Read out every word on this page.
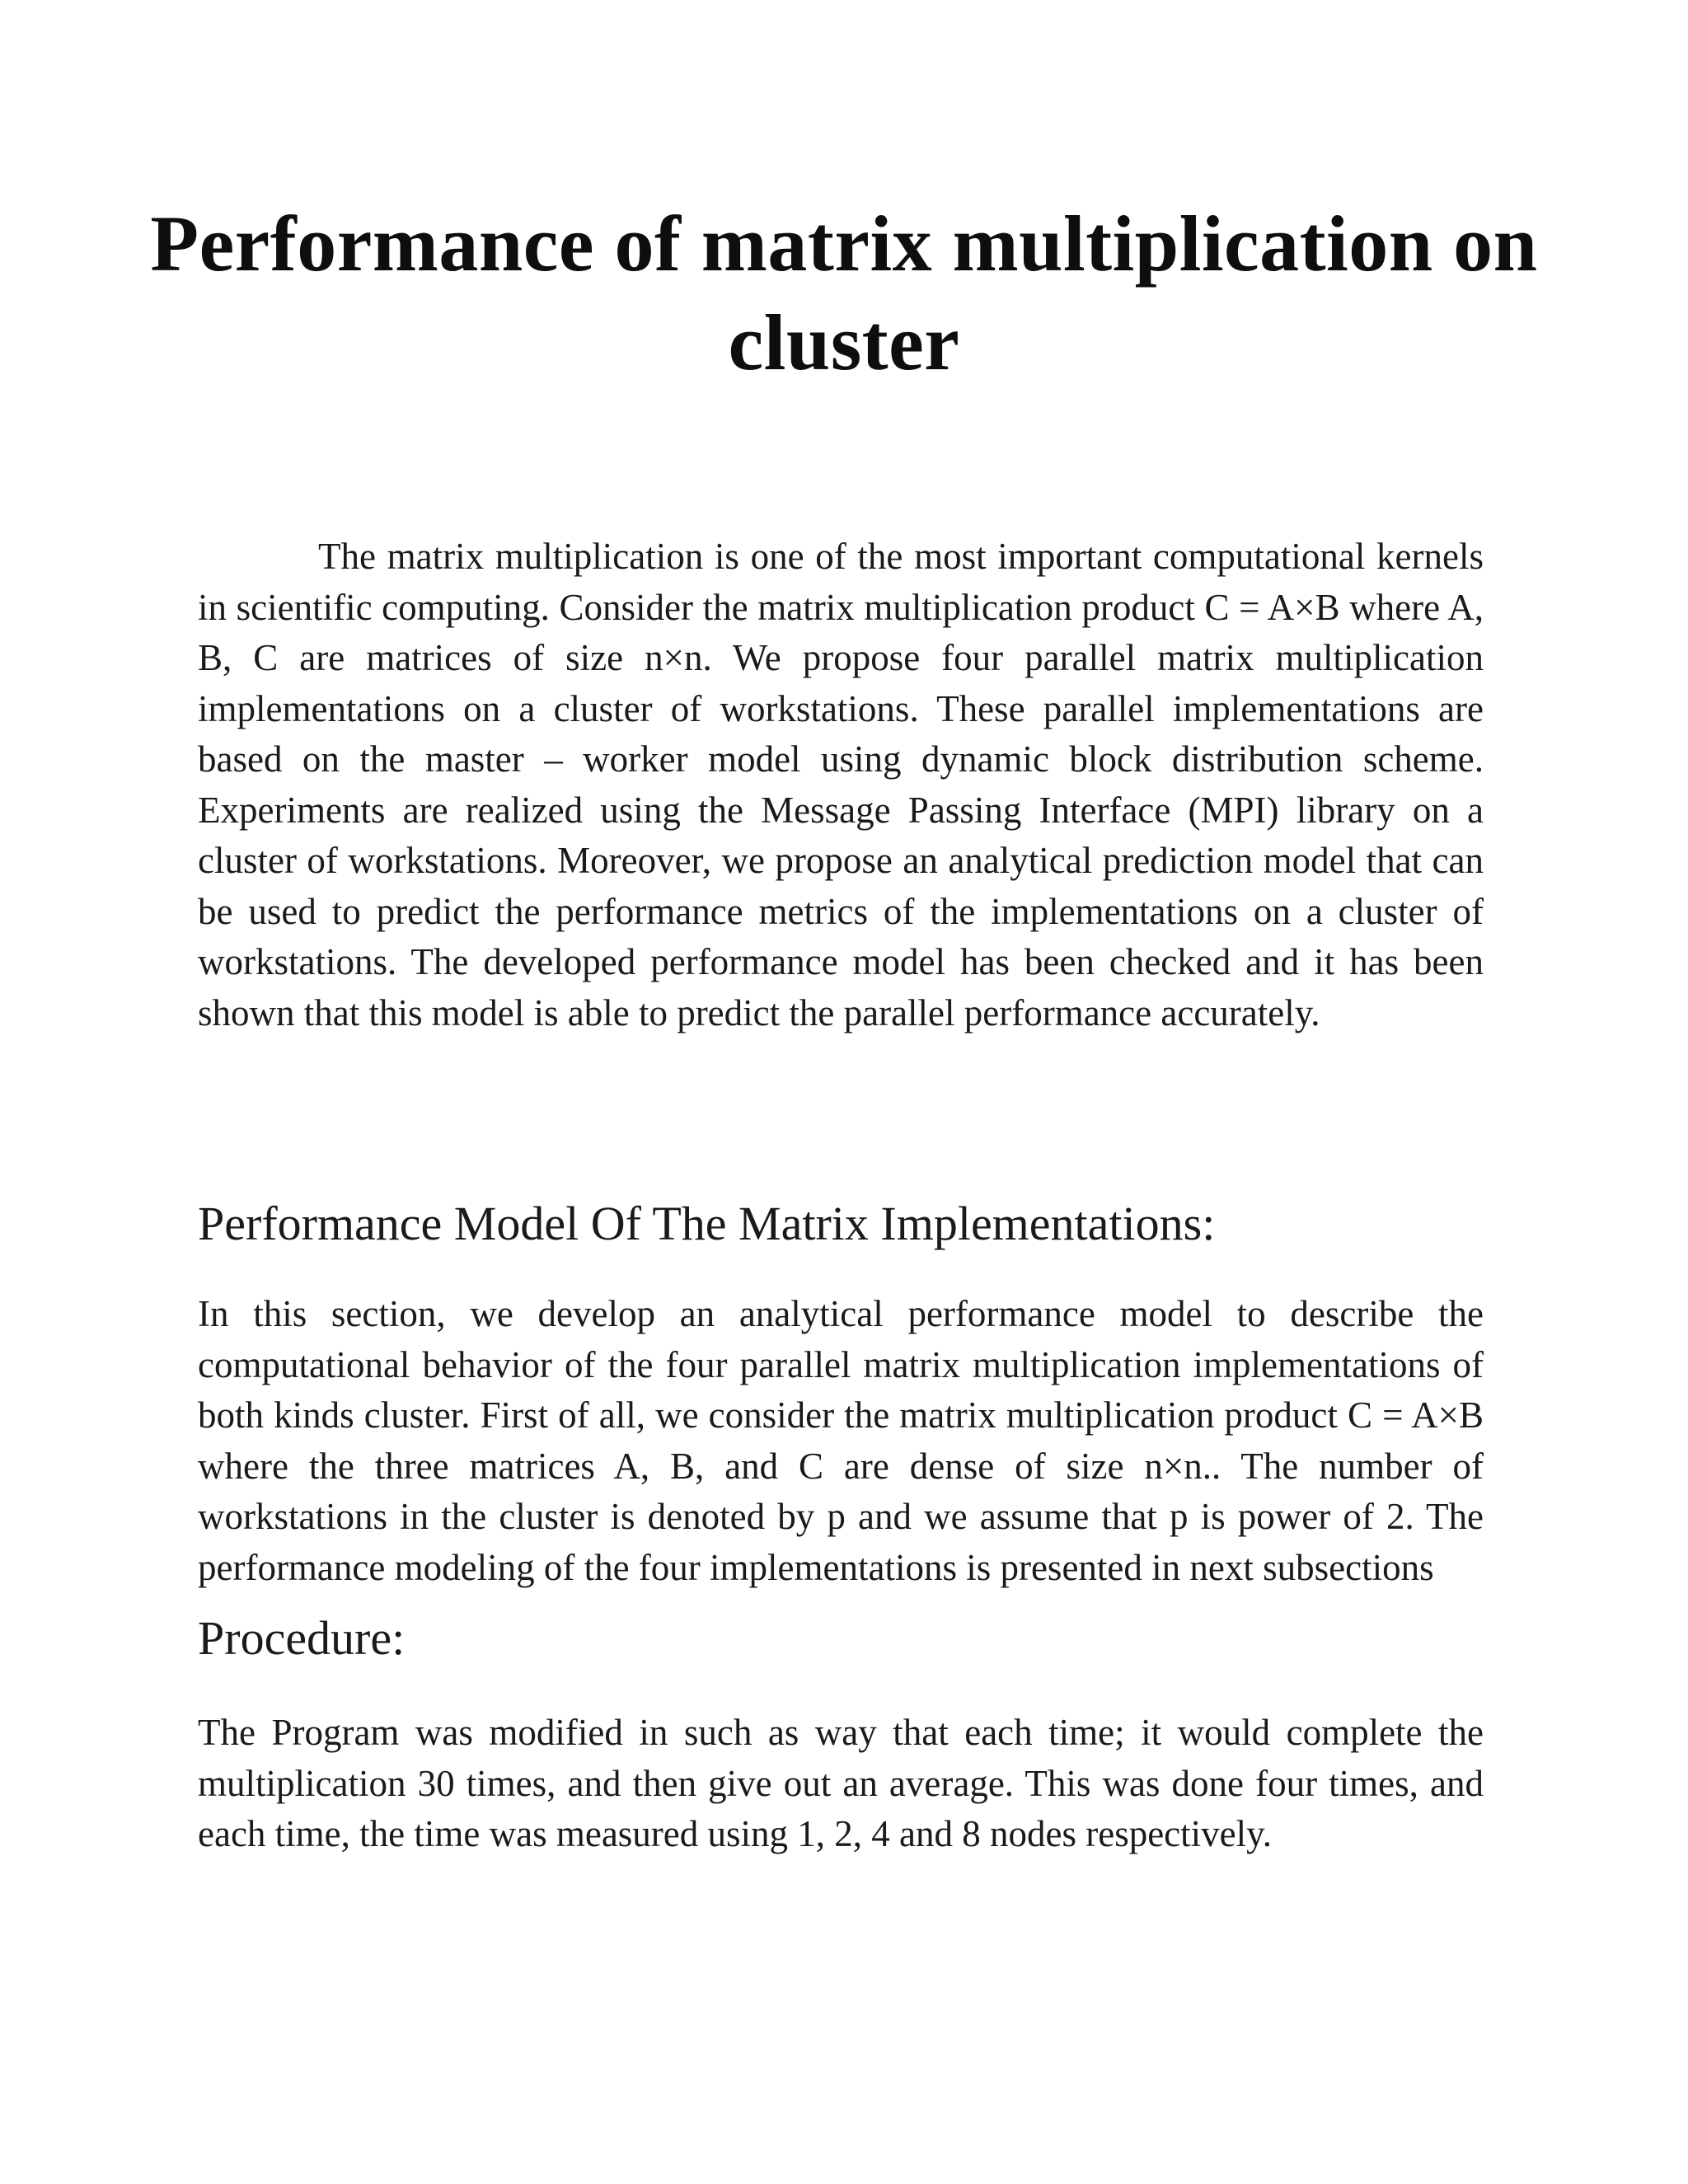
Performance of matrix multiplication on cluster

The matrix multiplication is one of the most important computational kernels in scientific computing. Consider the matrix multiplication product C = A×B where A, B, C are matrices of size n×n. We propose four parallel matrix multiplication implementations on a cluster of workstations. These parallel implementations are based on the master – worker model using dynamic block distribution scheme. Experiments are realized using the Message Passing Interface (MPI) library on a cluster of workstations. Moreover, we propose an analytical prediction model that can be used to predict the performance metrics of the implementations on a cluster of workstations. The developed performance model has been checked and it has been shown that this model is able to predict the parallel performance accurately.

Performance Model Of The Matrix Implementations:

In this section, we develop an analytical performance model to describe the computational behavior of the four parallel matrix multiplication implementations of both kinds cluster. First of all, we consider the matrix multiplication product C = A×B where the three matrices A, B, and C are dense of size n×n.. The number of workstations in the cluster is denoted by p and we assume that p is power of 2. The performance modeling of the four implementations is presented in next subsections

Procedure:

The Program was modified in such as way that each time; it would complete the multiplication 30 times, and then give out an average. This was done four times, and each time, the time was measured using 1, 2, 4 and 8 nodes respectively.
